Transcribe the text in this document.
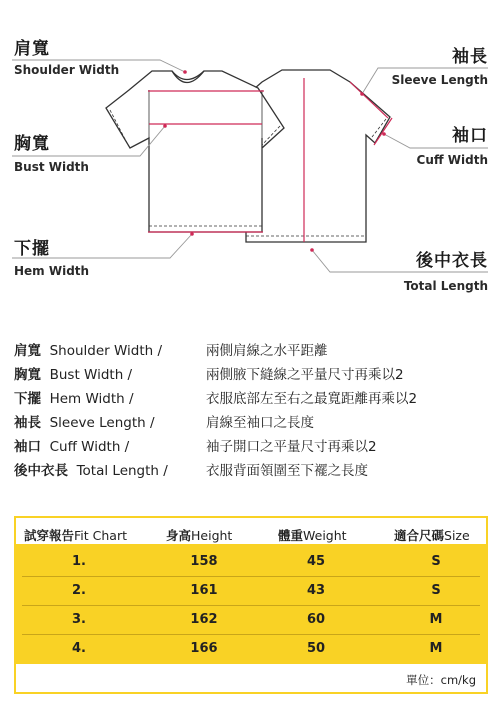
肩寬
Shoulder Width
胸寬
Bust Width
下擺
Hem Width
袖長
Sleeve Length
袖口
Cuff Width
後中衣長
Total Length
肩寬 Shoulder Width /	兩側肩線之水平距離
胸寬 Bust Width /	兩側腋下縫線之平量尺寸再乘以2
下擺 Hem Width /	衣服底部左至右之最寬距離再乘以2
袖長 Sleeve Length /	肩線至袖口之長度
袖口 Cuff Width /	袖子開口之平量尺寸再乘以2
後中衣長 Total Length /	衣服背面領圍至下襬之長度
試穿報告Fit Chart	身高Height	體重Weight	適合尺碼Size
1.	158	45	S
2.	161	43	S
3.	162	60	M
4.	166	50	M
單位：cm/kg
